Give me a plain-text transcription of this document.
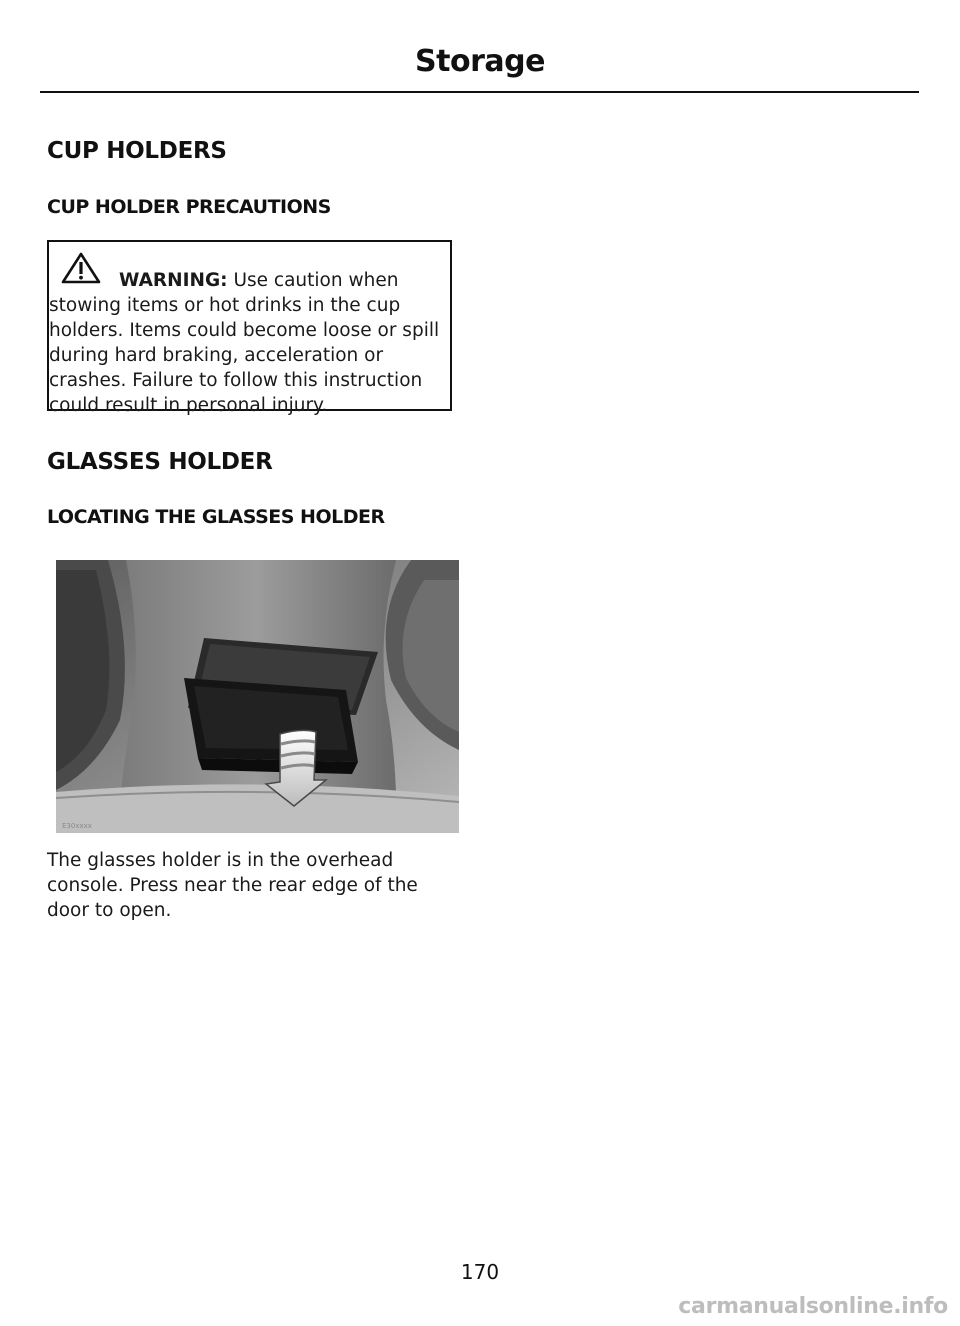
Storage
CUP HOLDERS
CUP HOLDER PRECAUTIONS
WARNING: Use caution when stowing items or hot drinks in the cup holders. Items could become loose or spill during hard braking, acceleration or crashes. Failure to follow this instruction could result in personal injury.
GLASSES HOLDER
LOCATING THE GLASSES HOLDER
E30xxxx

The glasses holder is in the overhead console. Press near the rear edge of the door to open.

170
carmanualsonline.info
